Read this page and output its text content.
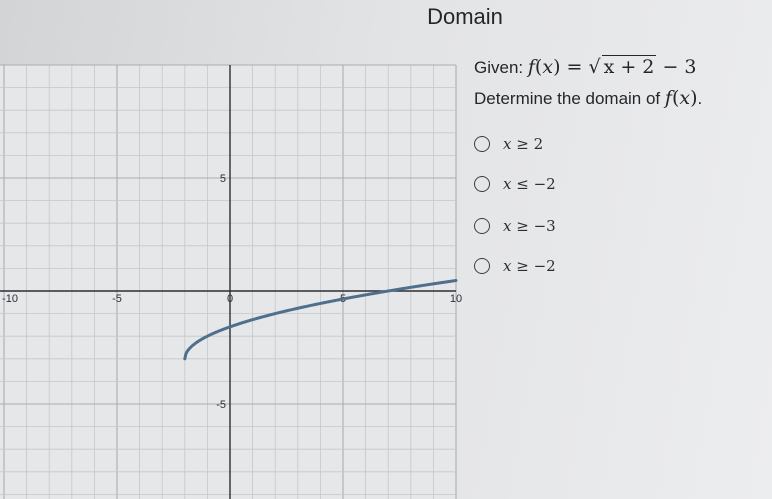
Domain
-10	-5	0	5	10
5
-5
Given: f(x) = √ x + 2 − 3
Determine the domain of f(x).
x ≥ 2
x ≤ −2
x ≥ −3
x ≥ −2
